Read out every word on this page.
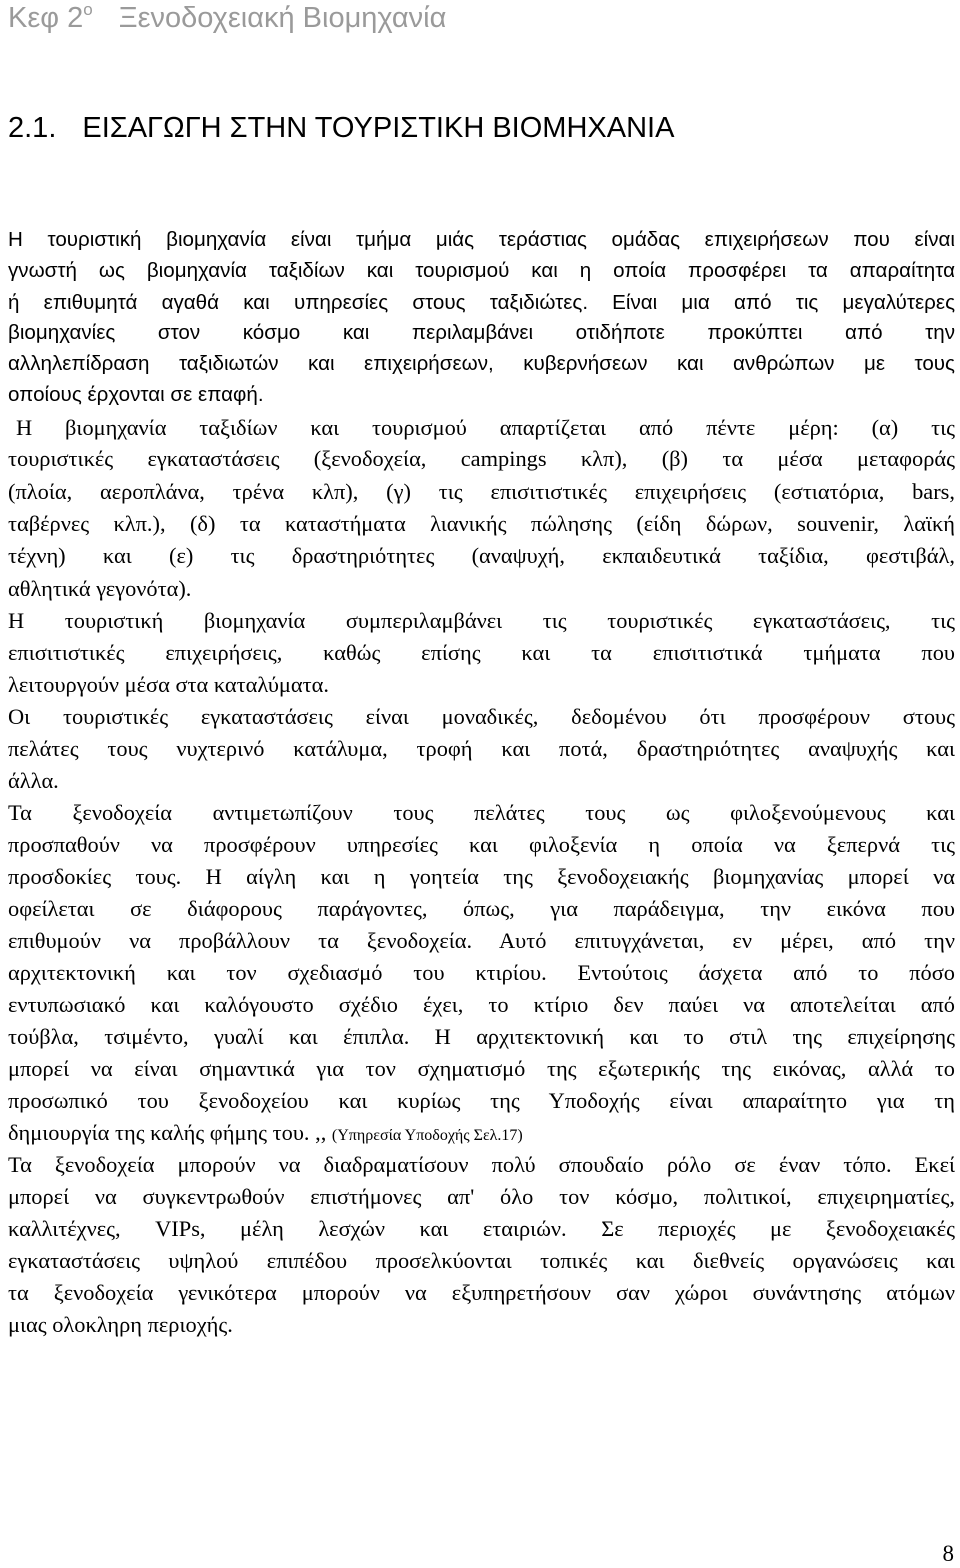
Κεφ $2^o$ Ξενοδοχειακή Βιομηχανία
2.1. ΕΙΣΑΓΩΓΗ ΣΤΗΝ ΤΟΥΡΙΣΤΙΚΗ ΒΙΟΜΗΧΑΝΙΑ
Η τουριστική βιομηχανία είναι τμήμα μιάς τεράστιας ομάδας επιχειρήσεων που είναι
γνωστή ως βιομηχανία ταξιδίων και τουρισμού και η οποία προσφέρει τα απαραίτητα
ή επιθυμητά αγαθά και υπηρεσίες στους ταξιδιώτες. Είναι μια από τις μεγαλύτερες
βιομηχανίες στον κόσμο και περιλαμβάνει οτιδήποτε προκύπτει από την
αλληλεπίδραση ταξιδιωτών και επιχειρήσεων, κυβερνήσεων και ανθρώπων με τους
οποίους έρχονται σε επαφή.
Η βιομηχανία ταξιδίων και τουρισμού απαρτίζεται από πέντε μέρη: (α) τις
τουριστικές εγκαταστάσεις (ξενοδοχεία, campings κλπ), (β) τα μέσα μεταφοράς
(πλοία, αεροπλάνα, τρένα κλπ), (γ) τις επισιτιστικές επιχειρήσεις (εστιατόρια, bars,
ταβέρνες κλπ.), (δ) τα καταστήματα λιανικής πώλησης (είδη δώρων, souvenir, λαϊκή
τέχνη) και (ε) τις δραστηριότητες (αναψυχή, εκπαιδευτικά ταξίδια, φεστιβάλ,
αθλητικά γεγονότα).
Η τουριστική βιομηχανία συμπεριλαμβάνει τις τουριστικές εγκαταστάσεις, τις
επισιτιστικές επιχειρήσεις, καθώς επίσης και τα επισιτιστικά τμήματα που
λειτουργούν μέσα στα καταλύματα.
Οι τουριστικές εγκαταστάσεις είναι μοναδικές, δεδομένου ότι προσφέρουν στους
πελάτες τους νυχτερινό κατάλυμα, τροφή και ποτά, δραστηριότητες αναψυχής και
άλλα.
Τα ξενοδοχεία αντιμετωπίζουν τους πελάτες τους ως φιλοξενούμενους και
προσπαθούν να προσφέρουν υπηρεσίες και φιλοξενία η οποία να ξεπερνά τις
προσδοκίες τους. Η αίγλη και η γοητεία της ξενοδοχειακής βιομηχανίας μπορεί να
οφείλεται σε διάφορους παράγοντες, όπως, για παράδειγμα, την εικόνα που
επιθυμούν να προβάλλουν τα ξενοδοχεία. Αυτό επιτυγχάνεται, εν μέρει, από την
αρχιτεκτονική και τον σχεδιασμό του κτιρίου. Εντούτοις άσχετα από το πόσο
εντυπωσιακό και καλόγουστο σχέδιο έχει, το κτίριο δεν παύει να αποτελείται από
τούβλα, τσιμέντο, γυαλί και έπιπλα. Η αρχιτεκτονική και το στιλ της επιχείρησης
μπορεί να είναι σημαντικά για τον σχηματισμό της εξωτερικής της εικόνας, αλλά το
προσωπικό του ξενοδοχείου και κυρίως της Υποδοχής είναι απαραίτητο για τη
δημιουργία της καλής φήμης του. ,, (Υπηρεσία Υποδοχής Σελ.17)
Τα ξενοδοχεία μπορούν να διαδραματίσουν πολύ σπουδαίο ρόλο σε έναν τόπο. Εκεί
μπορεί να συγκεντρωθούν επιστήμονες απ' όλο τον κόσμο, πολιτικοί, επιχειρηματίες,
καλλιτέχνες, VIPs, μέλη λεσχών και εταιριών. Σε περιοχές με ξενοδοχειακές
εγκαταστάσεις υψηλού επιπέδου προσελκύονται τοπικές και διεθνείς οργανώσεις και
τα ξενοδοχεία γενικότερα μπορούν να εξυπηρετήσουν σαν χώροι συνάντησης ατόμων
μιας ολοκληρη περιοχής.
8
